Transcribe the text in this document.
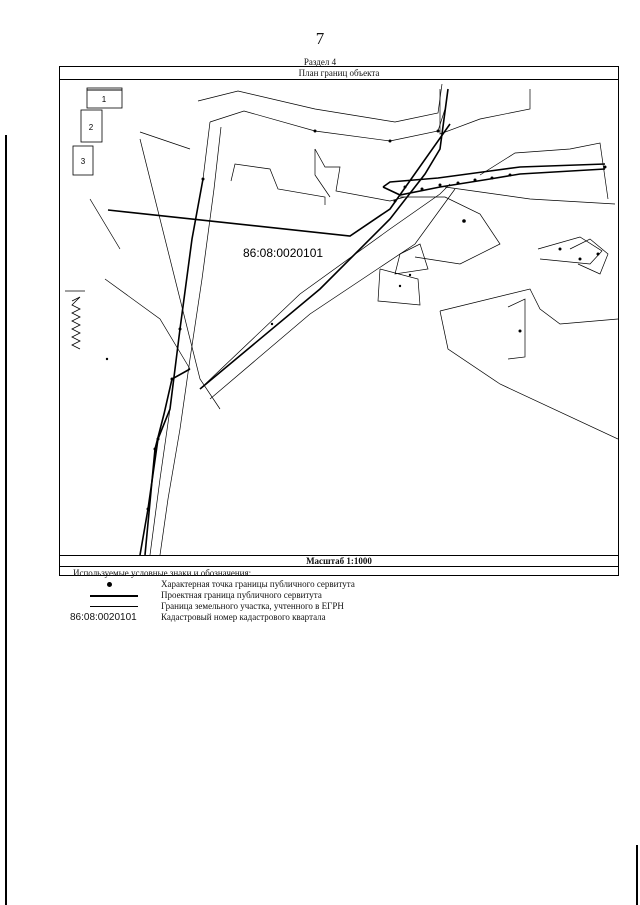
7
Раздел 4
План границ объекта
1
2
3
86:08:0020101
Масштаб 1:1000
Используемые условные знаки и обозначения:
Характерная точка границы публичного сервитута
Проектная граница публичного сервитута
Граница земельного участка, учтенного в ЕГРН
86:08:0020101	Кадастровый номер кадастрового квартала
